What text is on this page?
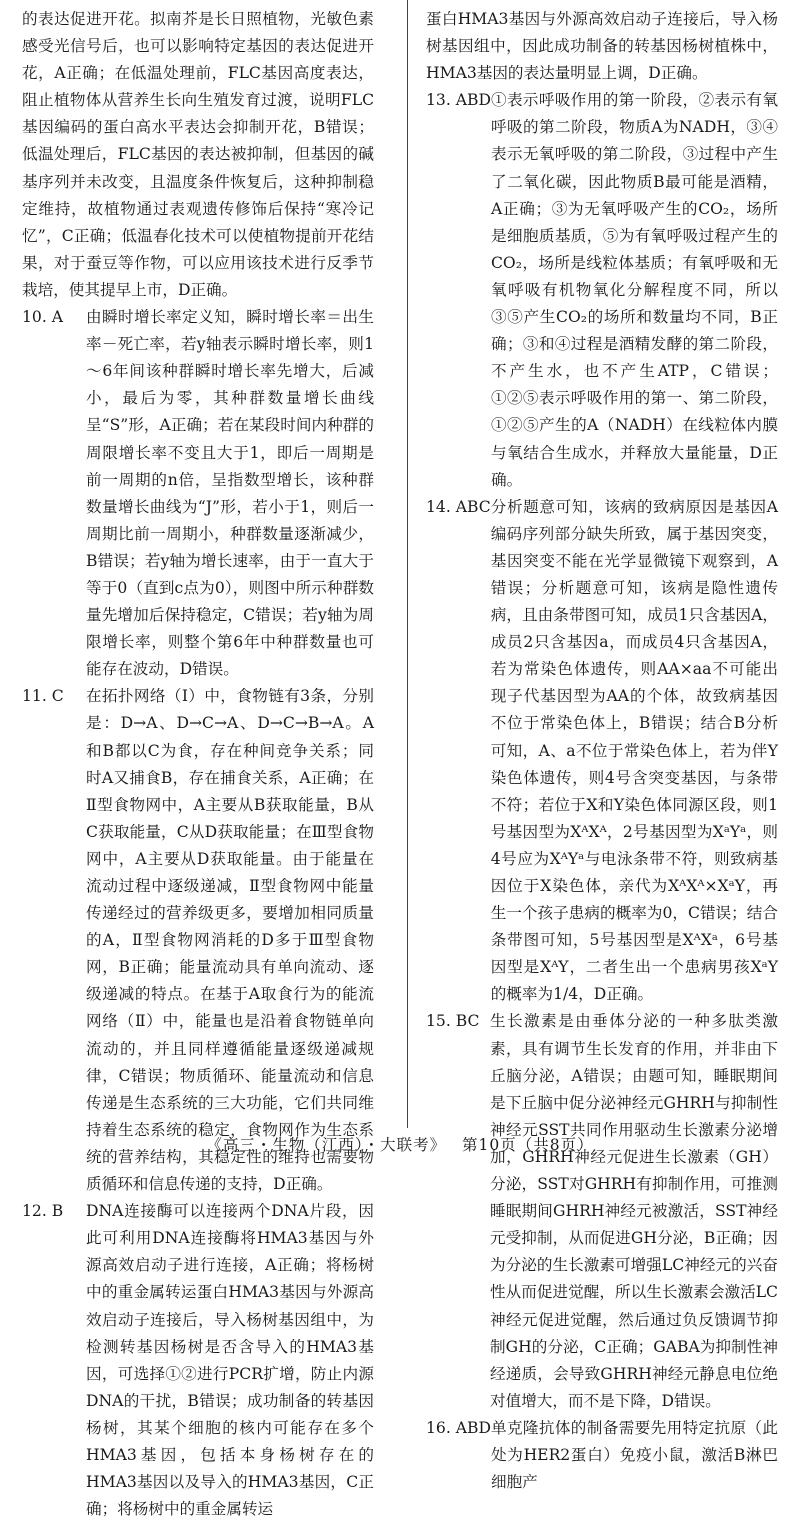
的表达促进开花。拟南芥是长日照植物，光敏色素感受光信号后，也可以影响特定基因的表达促进开花，A正确；在低温处理前，FLC基因高度表达，阻止植物体从营养生长向生殖发育过渡，说明FLC基因编码的蛋白高水平表达会抑制开花，B错误；低温处理后，FLC基因的表达被抑制，但基因的碱基序列并未改变，且温度条件恢复后，这种抑制稳定维持，故植物通过表观遗传修饰后保持“寒冷记忆”，C正确；低温春化技术可以使植物提前开花结果，对于蚕豆等作物，可以应用该技术进行反季节栽培，使其提早上市，D正确。

10. A	由瞬时增长率定义知，瞬时增长率＝出生率－死亡率，若y轴表示瞬时增长率，则1～6年间该种群瞬时增长率先增大，后减小，最后为零，其种群数量增长曲线呈“S”形，A正确；若在某段时间内种群的周限增长率不变且大于1，即后一周期是前一周期的n倍，呈指数型增长，该种群数量增长曲线为“J”形，若小于1，则后一周期比前一周期小，种群数量逐渐减少，B错误；若y轴为增长速率，由于一直大于等于0（直到c点为0），则图中所示种群数量先增加后保持稳定，C错误；若y轴为周限增长率，则整个第6年中种群数量也可能存在波动，D错误。

11. C	在拓扑网络（Ⅰ）中，食物链有3条，分别是：D→A、D→C→A、D→C→B→A。A和B都以C为食，存在种间竞争关系；同时A又捕食B，存在捕食关系，A正确；在Ⅱ型食物网中，A主要从B获取能量，B从C获取能量，C从D获取能量；在Ⅲ型食物网中，A主要从D获取能量。由于能量在流动过程中逐级递减，Ⅱ型食物网中能量传递经过的营养级更多，要增加相同质量的A，Ⅱ型食物网消耗的D多于Ⅲ型食物网，B正确；能量流动具有单向流动、逐级递减的特点。在基于A取食行为的能流网络（Ⅱ）中，能量也是沿着食物链单向流动的，并且同样遵循能量逐级递减规律，C错误；物质循环、能量流动和信息传递是生态系统的三大功能，它们共同维持着生态系统的稳定，食物网作为生态系统的营养结构，其稳定性的维持也需要物质循环和信息传递的支持，D正确。

12. B	DNA连接酶可以连接两个DNA片段，因此可利用DNA连接酶将HMA3基因与外源高效启动子进行连接，A正确；将杨树中的重金属转运蛋白HMA3基因与外源高效启动子连接后，导入杨树基因组中，为检测转基因杨树是否含导入的HMA3基因，可选择①②进行PCR扩增，防止内源DNA的干扰，B错误；成功制备的转基因杨树，其某个细胞的核内可能存在多个HMA3基因，包括本身杨树存在的HMA3基因以及导入的HMA3基因，C正确；将杨树中的重金属转运

蛋白HMA3基因与外源高效启动子连接后，导入杨树基因组中，因此成功制备的转基因杨树植株中，HMA3基因的表达量明显上调，D正确。

13. ABD ①表示呼吸作用的第一阶段，②表示有氧呼吸的第二阶段，物质A为NADH，③④表示无氧呼吸的第二阶段，③过程中产生了二氧化碳，因此物质B最可能是酒精，A正确；③为无氧呼吸产生的CO₂，场所是细胞质基质，⑤为有氧呼吸过程产生的CO₂，场所是线粒体基质；有氧呼吸和无氧呼吸有机物氧化分解程度不同，所以③⑤产生CO₂的场所和数量均不同，B正确；③和④过程是酒精发酵的第二阶段，不产生水，也不产生ATP，C错误；①②⑤表示呼吸作用的第一、第二阶段，①②⑤产生的A（NADH）在线粒体内膜与氧结合生成水，并释放大量能量，D正确。

14. ABC 分析题意可知，该病的致病原因是基因A编码序列部分缺失所致，属于基因突变，基因突变不能在光学显微镜下观察到，A错误；分析题意可知，该病是隐性遗传病，且由条带图可知，成员1只含基因A，成员2只含基因a，而成员4只含基因A，若为常染色体遗传，则AA×aa不可能出现子代基因型为AA的个体，故致病基因不位于常染色体上，B错误；结合B分析可知，A、a不位于常染色体上，若为伴Y染色体遗传，则4号含突变基因，与条带不符；若位于X和Y染色体同源区段，则1号基因型为XᴬXᴬ，2号基因型为XᵃYᵃ，则4号应为XᴬYᵃ与电泳条带不符，则致病基因位于X染色体，亲代为XᴬXᴬ×XᵃY，再生一个孩子患病的概率为0，C错误；结合条带图可知，5号基因型是XᴬXᵃ，6号基因型是XᴬY，二者生出一个患病男孩XᵃY的概率为1/4，D正确。

15. BC 生长激素是由垂体分泌的一种多肽类激素，具有调节生长发育的作用，并非由下丘脑分泌，A错误；由题可知，睡眠期间是下丘脑中促分泌神经元GHRH与抑制性神经元SST共同作用驱动生长激素分泌增加，GHRH神经元促进生长激素（GH）分泌，SST对GHRH有抑制作用，可推测睡眠期间GHRH神经元被激活，SST神经元受抑制，从而促进GH分泌，B正确；因为分泌的生长激素可增强LC神经元的兴奋性从而促进觉醒，所以生长激素会激活LC神经元促进觉醒，然后通过负反馈调节抑制GH的分泌，C正确；GABA为抑制性神经递质，会导致GHRH神经元静息电位绝对值增大，而不是下降，D错误。

16. ABD 单克隆抗体的制备需要先用特定抗原（此处为HER2蛋白）免疫小鼠，激活B淋巴细胞产

《高三・生物（江西）・大联考》 第10页（共8页）
